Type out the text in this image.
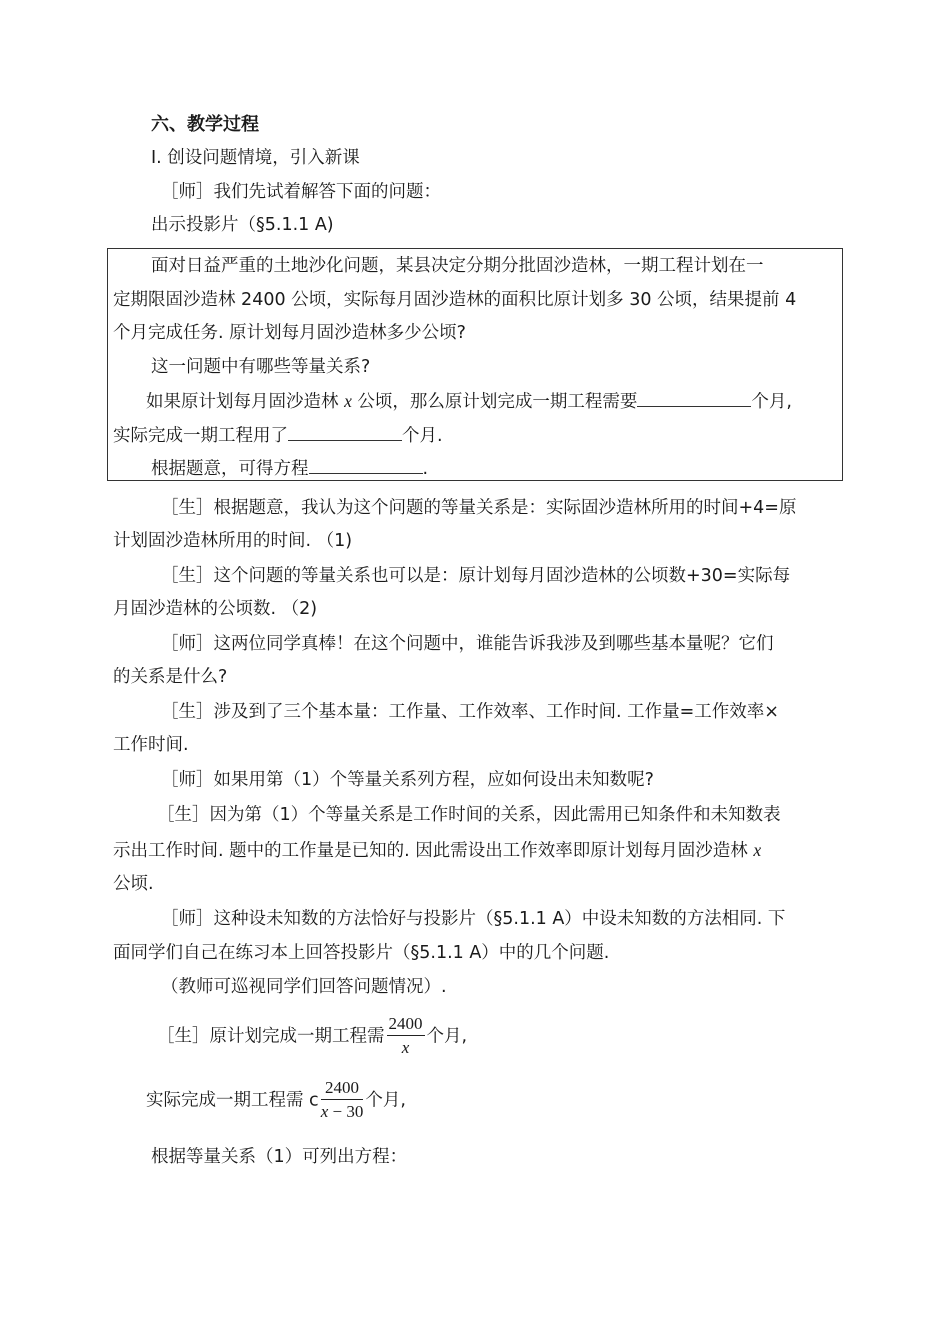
六、教学过程
I. 创设问题情境，引入新课
［师］我们先试着解答下面的问题：
出示投影片（§5.1.1 A)
面对日益严重的土地沙化问题，某县决定分期分批固沙造林，一期工程计划在一
定期限固沙造林 2400 公顷，实际每月固沙造林的面积比原计划多 30 公顷，结果提前 4
个月完成任务. 原计划每月固沙造林多少公顷?
这一问题中有哪些等量关系?
如果原计划每月固沙造林 x 公顷，那么原计划完成一期工程需要	个月,
实际完成一期工程用了	个月.
根据题意，可得方程	.
［生］根据题意，我认为这个问题的等量关系是：实际固沙造林所用的时间+4=原
计划固沙造林所用的时间. （1)
［生］这个问题的等量关系也可以是：原计划每月固沙造林的公顷数+30=实际每
月固沙造林的公顷数. （2)
［师］这两位同学真棒！在这个问题中，谁能告诉我涉及到哪些基本量呢？它们
的关系是什么?
［生］涉及到了三个基本量：工作量、工作效率、工作时间. 工作量=工作效率×
工作时间.
［师］如果用第（1）个等量关系列方程，应如何设出未知数呢?
［生］因为第（1）个等量关系是工作时间的关系，因此需用已知条件和未知数表
示出工作时间. 题中的工作量是已知的. 因此需设出工作效率即原计划每月固沙造林 x
公顷.
［师］这种设未知数的方法恰好与投影片（§5.1.1 A）中设未知数的方法相同. 下
面同学们自己在练习本上回答投影片（§5.1.1 A）中的几个问题.
（教师可巡视同学们回答问题情况）.
［生］原计划完成一期工程需 $\frac{2400}{x}$ 个月,
实际完成一期工程需 c $\frac{2400}{x - 30}$ 个月,
根据等量关系（1）可列出方程：
